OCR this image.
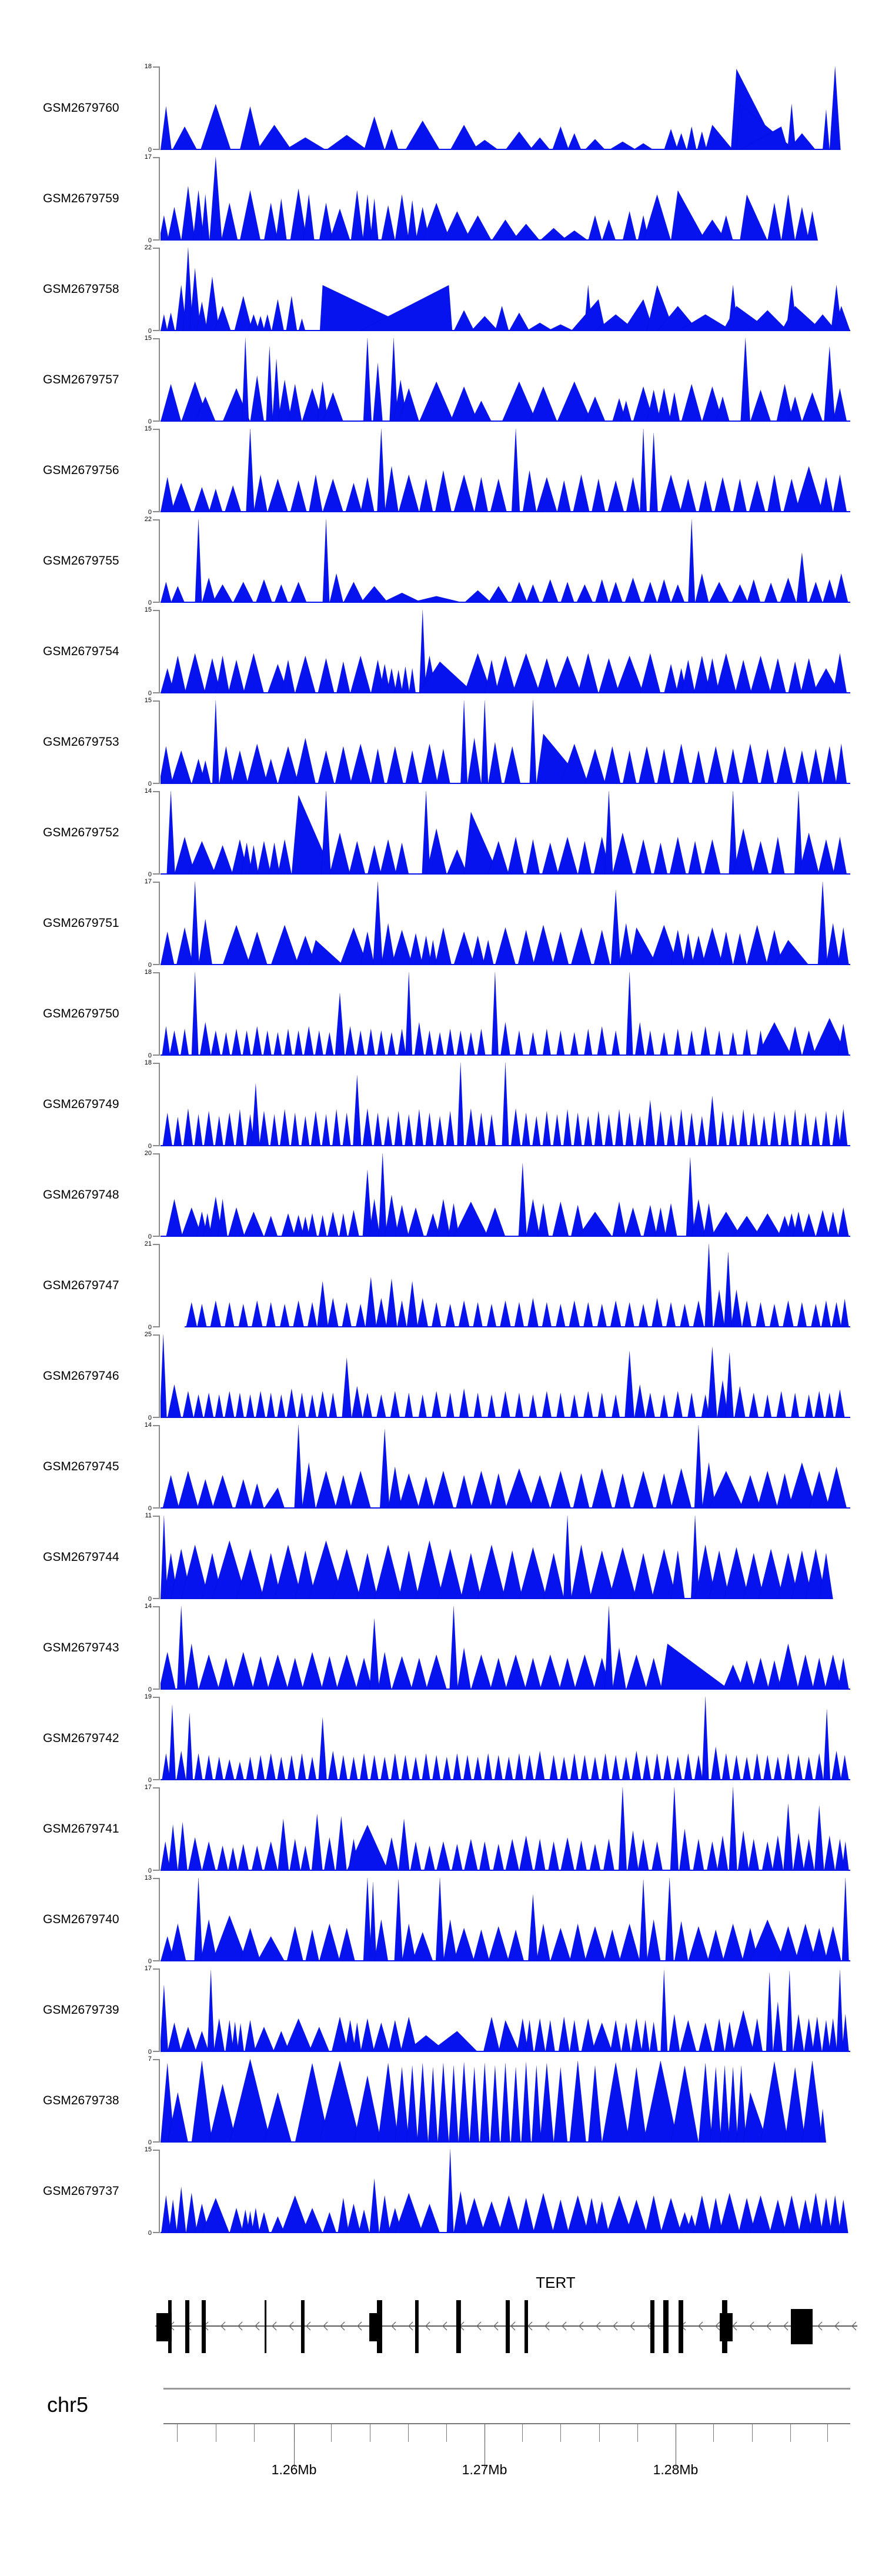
GSM2679760
18
0
GSM2679759
17
0
GSM2679758
22
0
GSM2679757
15
0
GSM2679756
15
0
GSM2679755
22
0
GSM2679754
15
0
GSM2679753
15
0
GSM2679752
14
0
GSM2679751
17
0
GSM2679750
18
0
GSM2679749
18
0
GSM2679748
20
0
GSM2679747
21
0
GSM2679746
25
0
GSM2679745
14
0
GSM2679744
11
0
GSM2679743
14
0
GSM2679742
19
0
GSM2679741
17
0
GSM2679740
13
0
GSM2679739
17
0
GSM2679738
7
0
GSM2679737
15
0
TERT
chr5
1.26Mb	1.27Mb	1.28Mb
